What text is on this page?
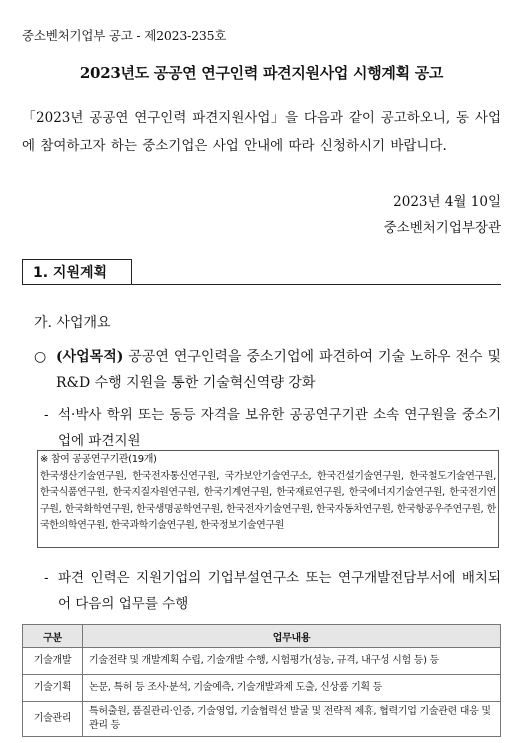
중소벤처기업부 공고 - 제2023-235호
2023년도 공공연 연구인력 파견지원사업 시행계획 공고
「2023년 공공연 연구인력 파견지원사업」을 다음과 같이 공고하오니, 동 사업에 참여하고자 하는 중소기업은 사업 안내에 따라 신청하시기 바랍니다.
2023년 4월 10일
중소벤처기업부장관
1. 지원계획
가. 사업개요
○ (사업목적) 공공연 연구인력을 중소기업에 파견하여 기술 노하우 전수 및 R&D 수행 지원을 통한 기술혁신역량 강화
- 석·박사 학위 또는 동등 자격을 보유한 공공연구기관 소속 연구원을 중소기업에 파견지원
※ 참여 공공연구기관(19개)
한국생산기술연구원, 한국전자통신연구원, 국가보안기술연구소, 한국건설기술연구원, 한국철도기술연구원, 한국식품연구원, 한국지질자원연구원, 한국기계연구원, 한국재료연구원, 한국에너지기술연구원, 한국전기연구원, 한국화학연구원, 한국생명공학연구원, 한국전자기술연구원, 한국자동차연구원, 한국항공우주연구원, 한국한의학연구원, 한국과학기술연구원, 한국정보기술연구원
- 파견 인력은 지원기업의 기업부설연구소 또는 연구개발전담부서에 배치되어 다음의 업무를 수행
구분	업무내용
기술개발	기술전략 및 개발계획 수립, 기술개발 수행, 시험평가(성능, 규격, 내구성 시험 등) 등
기술기획	논문, 특허 등 조사·분석, 기술예측, 기술개발과제 도출, 신상품 기획 등
기술관리	특허출원, 품질관리·인증, 기술영업, 기술협력선 발굴 및 전략적 제휴, 협력기업 기술관련 대응 및 관리 등
